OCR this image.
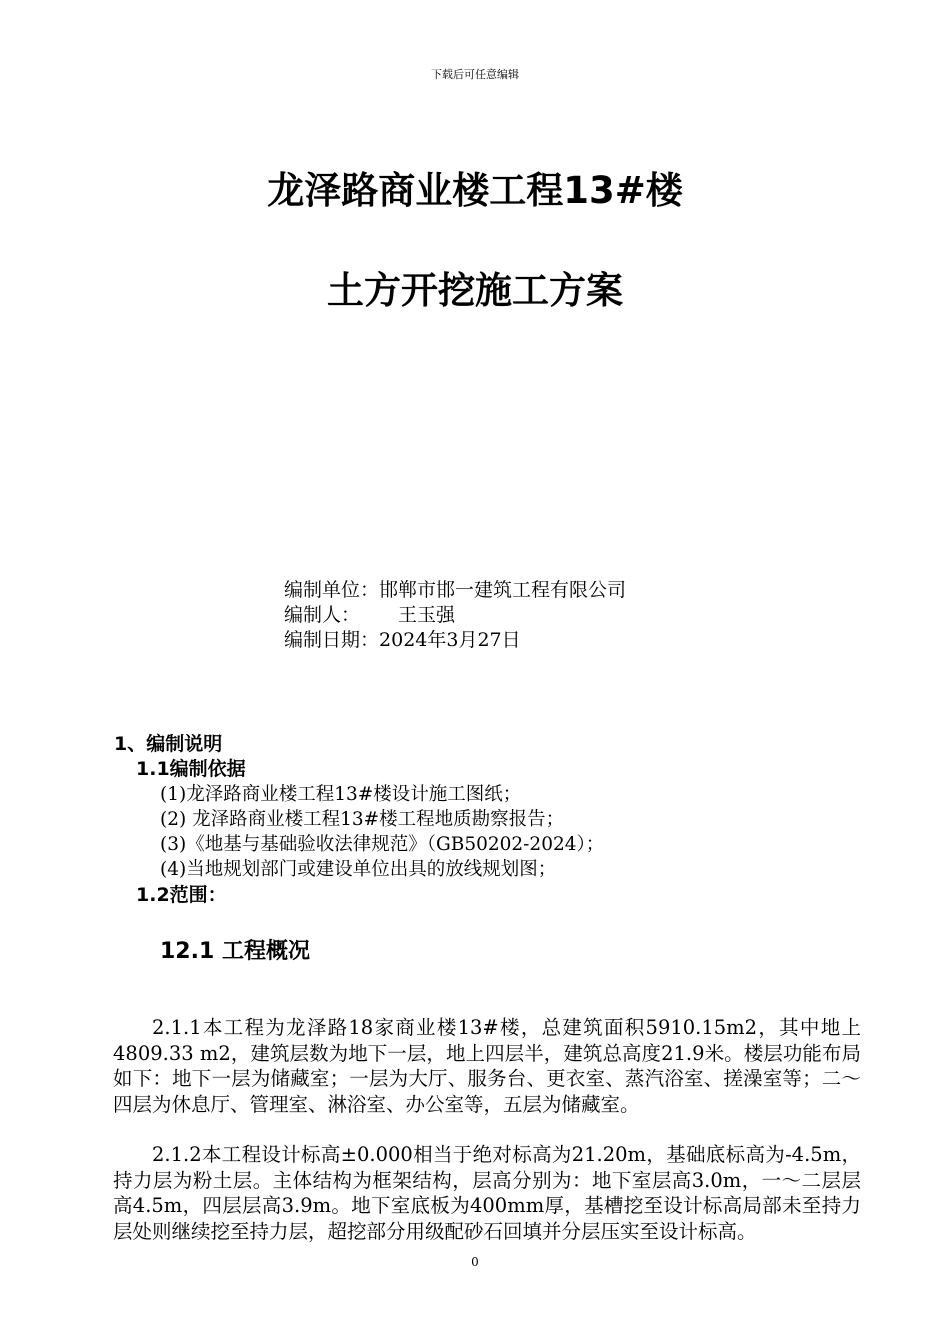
下载后可任意编辑
龙泽路商业楼工程13#楼
土方开挖施工方案
编制单位： 邯郸市邯一建筑工程有限公司
编制人：	王玉强
编制日期： 2024年3月27日
1、编制说明
1.1编制依据
(1)龙泽路商业楼工程13#楼设计施工图纸；
(2) 龙泽路商业楼工程13#楼工程地质勘察报告；
(3)《地基与基础验收法律规范》（GB50202-2024）；
(4)当地规划部门或建设单位出具的放线规划图；
1.2范围：
12.1 工程概况
2.1.1本工程为龙泽路18家商业楼13#楼，总建筑面积5910.15m2，其中地上4809.33 m2，建筑层数为地下一层，地上四层半，建筑总高度21.9米。楼层功能布局如下：地下一层为储藏室；一层为大厅、服务台、更衣室、蒸汽浴室、搓澡室等；二～四层为休息厅、管理室、淋浴室、办公室等，五层为储藏室。
2.1.2本工程设计标高±0.000相当于绝对标高为21.20m，基础底标高为-4.5m，持力层为粉土层。主体结构为框架结构，层高分别为：地下室层高3.0m，一～二层层高4.5m，四层层高3.9m。地下室底板为400mm厚，基槽挖至设计标高局部未至持力层处则继续挖至持力层，超挖部分用级配砂石回填并分层压实至设计标高。
0
